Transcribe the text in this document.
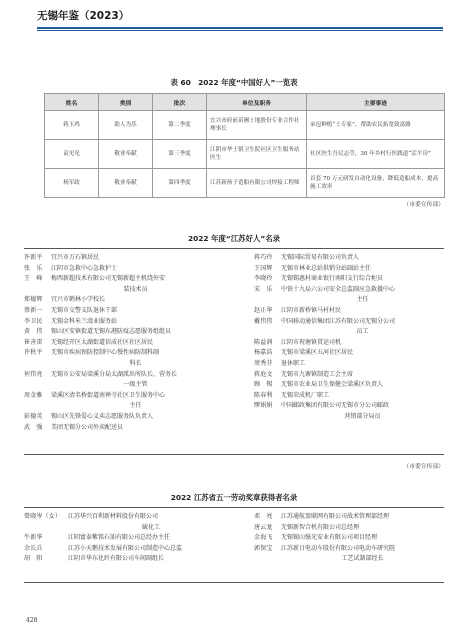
无锡年鉴（2023）
表 60　2022 年度“中国好人”一览表
姓名	类别	批次	单位及职务	主要事迹
蒋玉鸡	助人为乐	第二季度	宜兴市府前苗圃土地股份专业合作社理事长	承包种植“土专家”，帮助农民拓宽致富路
袁见见	敬业奉献	第三季度	江阴市华士镇卫生院社区卫生服务站医生	社区医生吾民志莹，30 年乡村行医践道“活平房”
杨军政	敬业奉献	第四季度	江苏新扬子造船有限公司焊接工程师	首套 70 万元研发自动化设备，降低造船成本，提高施工效率
（市委宣传部）
2022 年度“江苏好人”名录
许新平	宜兴市万石镇居民
张　乐	江阴市急救中心急救护士
王　峰	梅西新超技术有限公司无锡新超主机绕外安
装技术员
郑德辉	宜兴市鹤林小学校长
蔡新一	无锡市交警支队退休干部
李卫民	无锡金科米兰湾业服务站
黄　伟	锡山区安镇街道无锡东港防疫志愿服务组组员
崔善雷	无锡经开区太湖街道信成社区社区居民
许秋平	无锡市疾病预防控制中心慢性病防制科副
科长
何伟亮	无锡市公安局梁溪分局太湖派出所队长、营务长
一级主管
周金雅	梁溪区清名桥街道南禅寺社区卫生服务中心
主任
彭德英	锡山区先锋爱心义卖志愿服务队负责人
武　强	美团无锡分公司外卖配送员
蒋巧玲	无锡国际贸易有限公司负责人
王国辉	无锡市林业总站供销分站副站主任
李晓玲	无锡锡惠村商业银行南阳支行综合柜员
宋　乐	中铁十九局六公司安全总监副应急救援中心
主任
赵正华	江阴市新桥镇马村村民
戴伟伟	中国移动通信集团江苏有限公司无锡分公司
员工
陈益润	江阴市祝塘镇贯运司机
杨嘉浩	无锡市梁溪区五河社区居民
周秀芬	退休职工
蒋庭文	无锡市九寨镇制造工会主席
顾　锡	无锡市农业局卫生保健会梁溪区负责人
陈春利	无锡荣成机厂职工
缪娟娟	中国邮政集团有限公司无锡市分公司邮政
营销部分局员
（市委宣传部）
2022 江苏省五一劳动奖章获得者名录
曾晓岑（女）	江苏华兴百利新材料股份有限公司
硫化工
牛新华	江阴富泰紫铭石油有限公司总经办主任
余长兵	江苏小天鹅技术发展有限公司制造中心总监
胡　阳	江阴市华东化纤有限公司车间副组长
邓　亮	江苏通航盈联网有限公司战术管理部经理
唐云龙	无锡新智合机有限公司总经理
金海飞	无锡锡山强光安业有限公司项目经理
郭保宝	江苏新日电动车股份有限公司电动车研究院
工艺试制部经长
428
